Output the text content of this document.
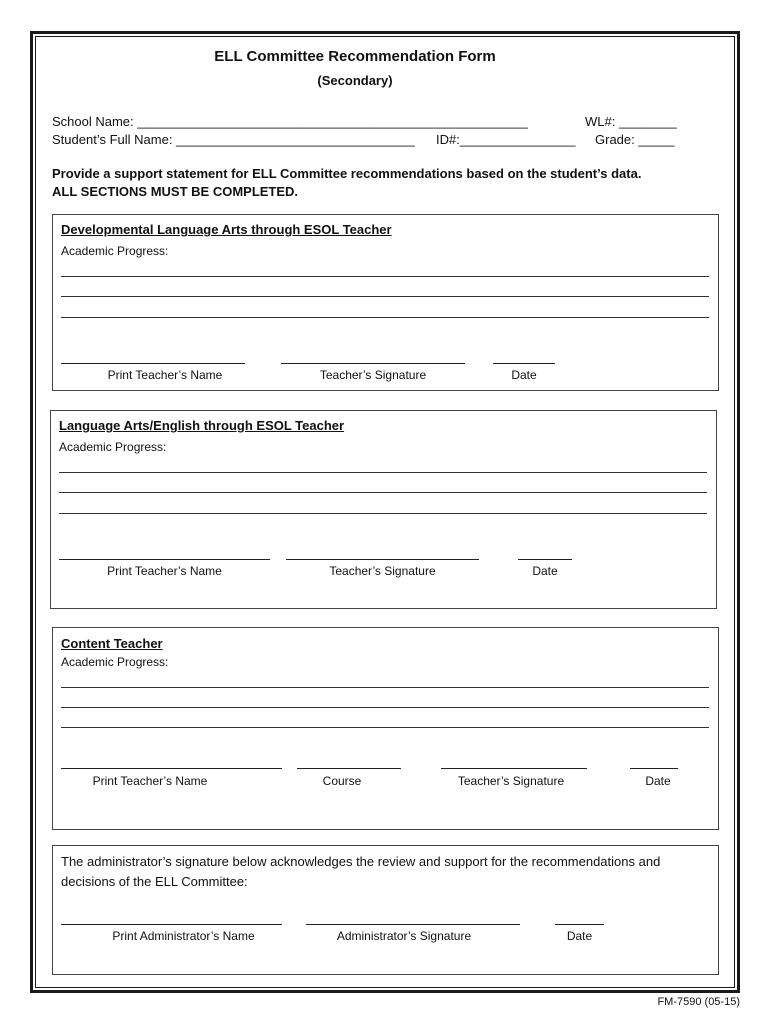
ELL Committee Recommendation Form
(Secondary)
School Name: ______________________________________________________	WL#: ________
Student’s Full Name: _________________________________ ID#:________________ Grade: _____
Provide a support statement for ELL Committee recommendations based on the student’s data.
ALL SECTIONS MUST BE COMPLETED.
Developmental Language Arts through ESOL Teacher
Academic Progress:
Print Teacher’s Name	Teacher’s Signature	Date
Language Arts/English through ESOL Teacher
Academic Progress:
Print Teacher’s Name	Teacher’s Signature	Date
Content Teacher
Academic Progress:
Print Teacher’s Name	Course	Teacher’s Signature	Date
The administrator’s signature below acknowledges the review and support for the recommendations and decisions of the ELL Committee:
Print Administrator’s Name	Administrator’s Signature	Date
FM-7590 (05-15)
